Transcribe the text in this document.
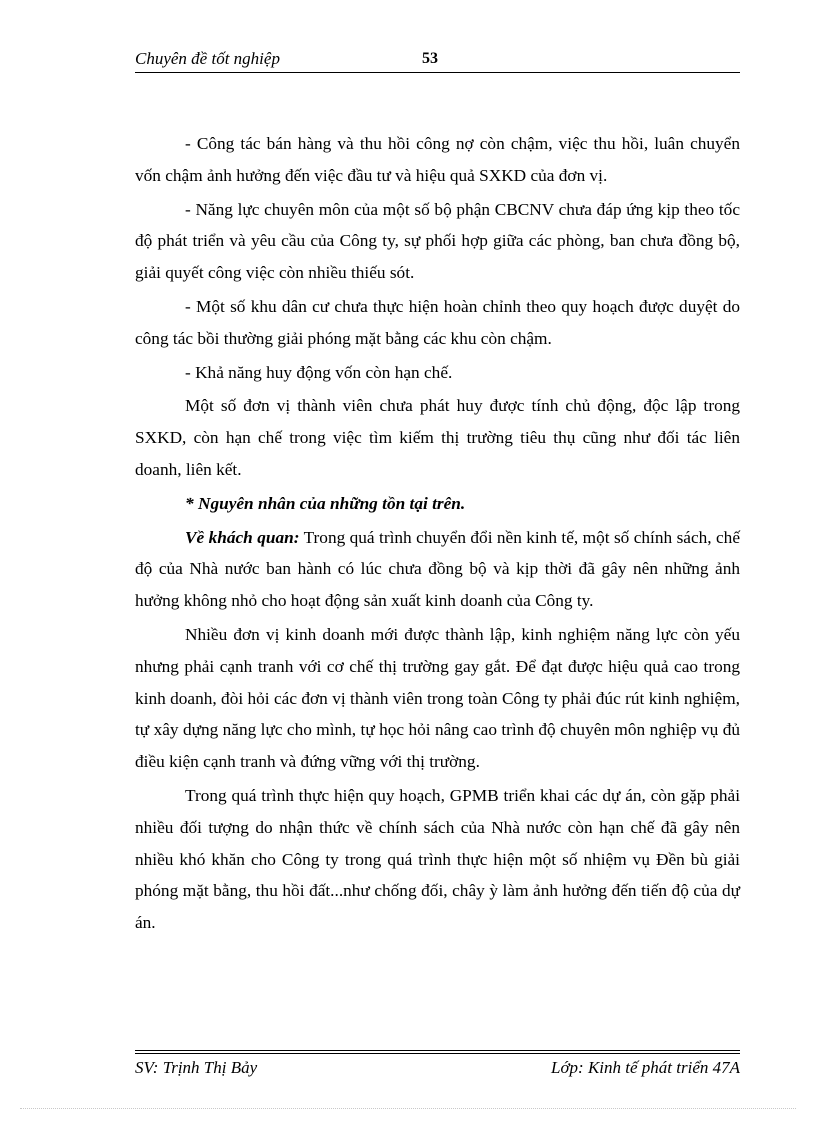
Chuyên đề tốt nghiệp	53

- Công tác bán hàng và thu hồi công nợ còn chậm, việc thu hồi, luân chuyển vốn chậm ảnh hưởng đến việc đầu tư và hiệu quả SXKD của đơn vị.

- Năng lực chuyên môn của một số bộ phận CBCNV chưa đáp ứng kịp theo tốc độ phát triển và yêu cầu của Công ty, sự phối hợp giữa các phòng, ban chưa đồng bộ, giải quyết công việc còn nhiều thiếu sót.

- Một số khu dân cư chưa thực hiện hoàn chỉnh theo quy hoạch được duyệt do công tác bồi thường giải phóng mặt bằng các khu còn chậm.

- Khả năng huy động vốn còn hạn chế.

Một số đơn vị thành viên chưa phát huy được tính chủ động, độc lập trong SXKD, còn hạn chế trong việc tìm kiếm thị trường tiêu thụ cũng như đối tác liên doanh, liên kết.

* Nguyên nhân của những tồn tại trên.

Về khách quan: Trong quá trình chuyển đổi nền kinh tế, một số chính sách, chế độ của Nhà nước ban hành có lúc chưa đồng bộ và kịp thời đã gây nên những ảnh hưởng không nhỏ cho hoạt động sản xuất kinh doanh của Công ty.

Nhiều đơn vị kinh doanh mới được thành lập, kinh nghiệm năng lực còn yếu nhưng phải cạnh tranh với cơ chế thị trường gay gắt. Để đạt được hiệu quả cao trong kinh doanh, đòi hỏi các đơn vị thành viên trong toàn Công ty phải đúc rút kinh nghiệm, tự xây dựng năng lực cho mình, tự học hỏi nâng cao trình độ chuyên môn nghiệp vụ đủ điều kiện cạnh tranh và đứng vững với thị trường.

Trong quá trình thực hiện quy hoạch, GPMB triển khai các dự án, còn gặp phải nhiều đối tượng do nhận thức về chính sách của Nhà nước còn hạn chế đã gây nên nhiều khó khăn cho Công ty trong quá trình thực hiện một số nhiệm vụ Đền bù giải phóng mặt bằng, thu hồi đất...như chống đối, chây ỳ làm ảnh hưởng đến tiến độ của dự án.

SV: Trịnh Thị Bảy	Lớp: Kinh tế phát triển 47A
